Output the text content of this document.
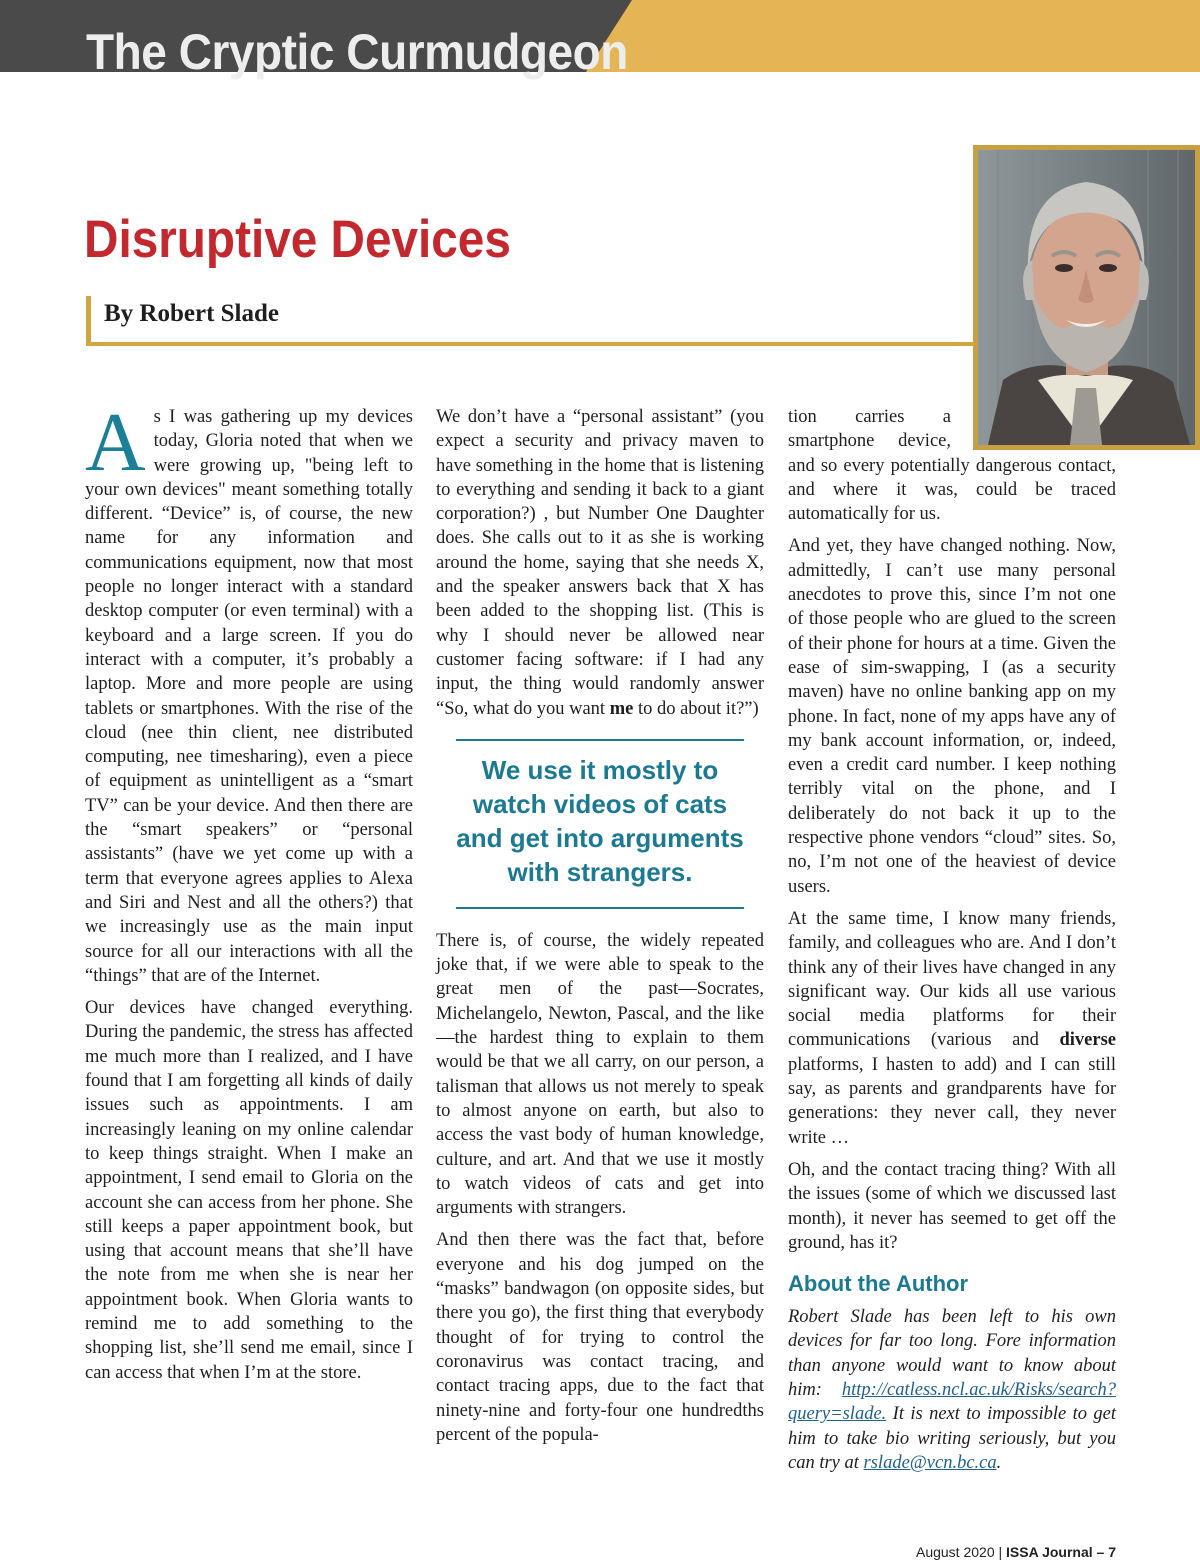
The Cryptic Curmudgeon
Disruptive Devices
By Robert Slade

As I was gathering up my devices today, Gloria noted that when we were growing up, "being left to your own devices" meant something totally different. “Device” is, of course, the new name for any information and communications equipment, now that most people no longer interact with a standard desktop computer (or even terminal) with a keyboard and a large screen. If you do interact with a computer, it’s probably a laptop. More and more people are using tablets or smartphones. With the rise of the cloud (nee thin client, nee distributed computing, nee timesharing), even a piece of equipment as unintelligent as a “smart TV” can be your device. And then there are the “smart speakers” or “personal assistants” (have we yet come up with a term that everyone agrees applies to Alexa and Siri and Nest and all the others?) that we increasingly use as the main input source for all our interactions with all the “things” that are of the Internet.

Our devices have changed everything. During the pandemic, the stress has affected me much more than I realized, and I have found that I am forgetting all kinds of daily issues such as appointments. I am increasingly leaning on my online calendar to keep things straight. When I make an appointment, I send email to Gloria on the account she can access from her phone. She still keeps a paper appointment book, but using that account means that she’ll have the note from me when she is near her appointment book. When Gloria wants to remind me to add something to the shopping list, she’ll send me email, since I can access that when I’m at the store.

We don’t have a “personal assistant” (you expect a security and privacy maven to have something in the home that is listening to everything and sending it back to a giant corporation?) , but Number One Daughter does. She calls out to it as she is working around the home, saying that she needs X, and the speaker answers back that X has been added to the shopping list. (This is why I should never be allowed near customer facing software: if I had any input, the thing would randomly answer “So, what do you want me to do about it?”)

We use it mostly to watch videos of cats and get into arguments with strangers.

There is, of course, the widely repeated joke that, if we were able to speak to the great men of the past—Socrates, Michelangelo, Newton, Pascal, and the like—the hardest thing to explain to them would be that we all carry, on our person, a talisman that allows us not merely to speak to almost anyone on earth, but also to access the vast body of human knowledge, culture, and art. And that we use it mostly to watch videos of cats and get into arguments with strangers.

And then there was the fact that, before everyone and his dog jumped on the “masks” bandwagon (on opposite sides, but there you go), the first thing that everybody thought of for trying to control the coronavirus was contact tracing, and contact tracing apps, due to the fact that ninety-nine and forty-four one hundredths percent of the popula-

tion carries a smartphone device, and so every potentially dangerous contact, and where it was, could be traced automatically for us.

And yet, they have changed nothing. Now, admittedly, I can’t use many personal anecdotes to prove this, since I’m not one of those people who are glued to the screen of their phone for hours at a time. Given the ease of sim-swapping, I (as a security maven) have no online banking app on my phone. In fact, none of my apps have any of my bank account information, or, indeed, even a credit card number. I keep nothing terribly vital on the phone, and I deliberately do not back it up to the respective phone vendors “cloud” sites. So, no, I’m not one of the heaviest of device users.

At the same time, I know many friends, family, and colleagues who are. And I don’t think any of their lives have changed in any significant way. Our kids all use various social media platforms for their communications (various and diverse platforms, I hasten to add) and I can still say, as parents and grandparents have for generations: they never call, they never write …

Oh, and the contact tracing thing? With all the issues (some of which we discussed last month), it never has seemed to get off the ground, has it?

About the Author

Robert Slade has been left to his own devices for far too long. Fore information than anyone would want to know about him: http://catless.ncl.ac.uk/Risks/search?query=slade. It is next to impossible to get him to take bio writing seriously, but you can try at rslade@vcn.bc.ca.

August 2020 | ISSA Journal – 7
